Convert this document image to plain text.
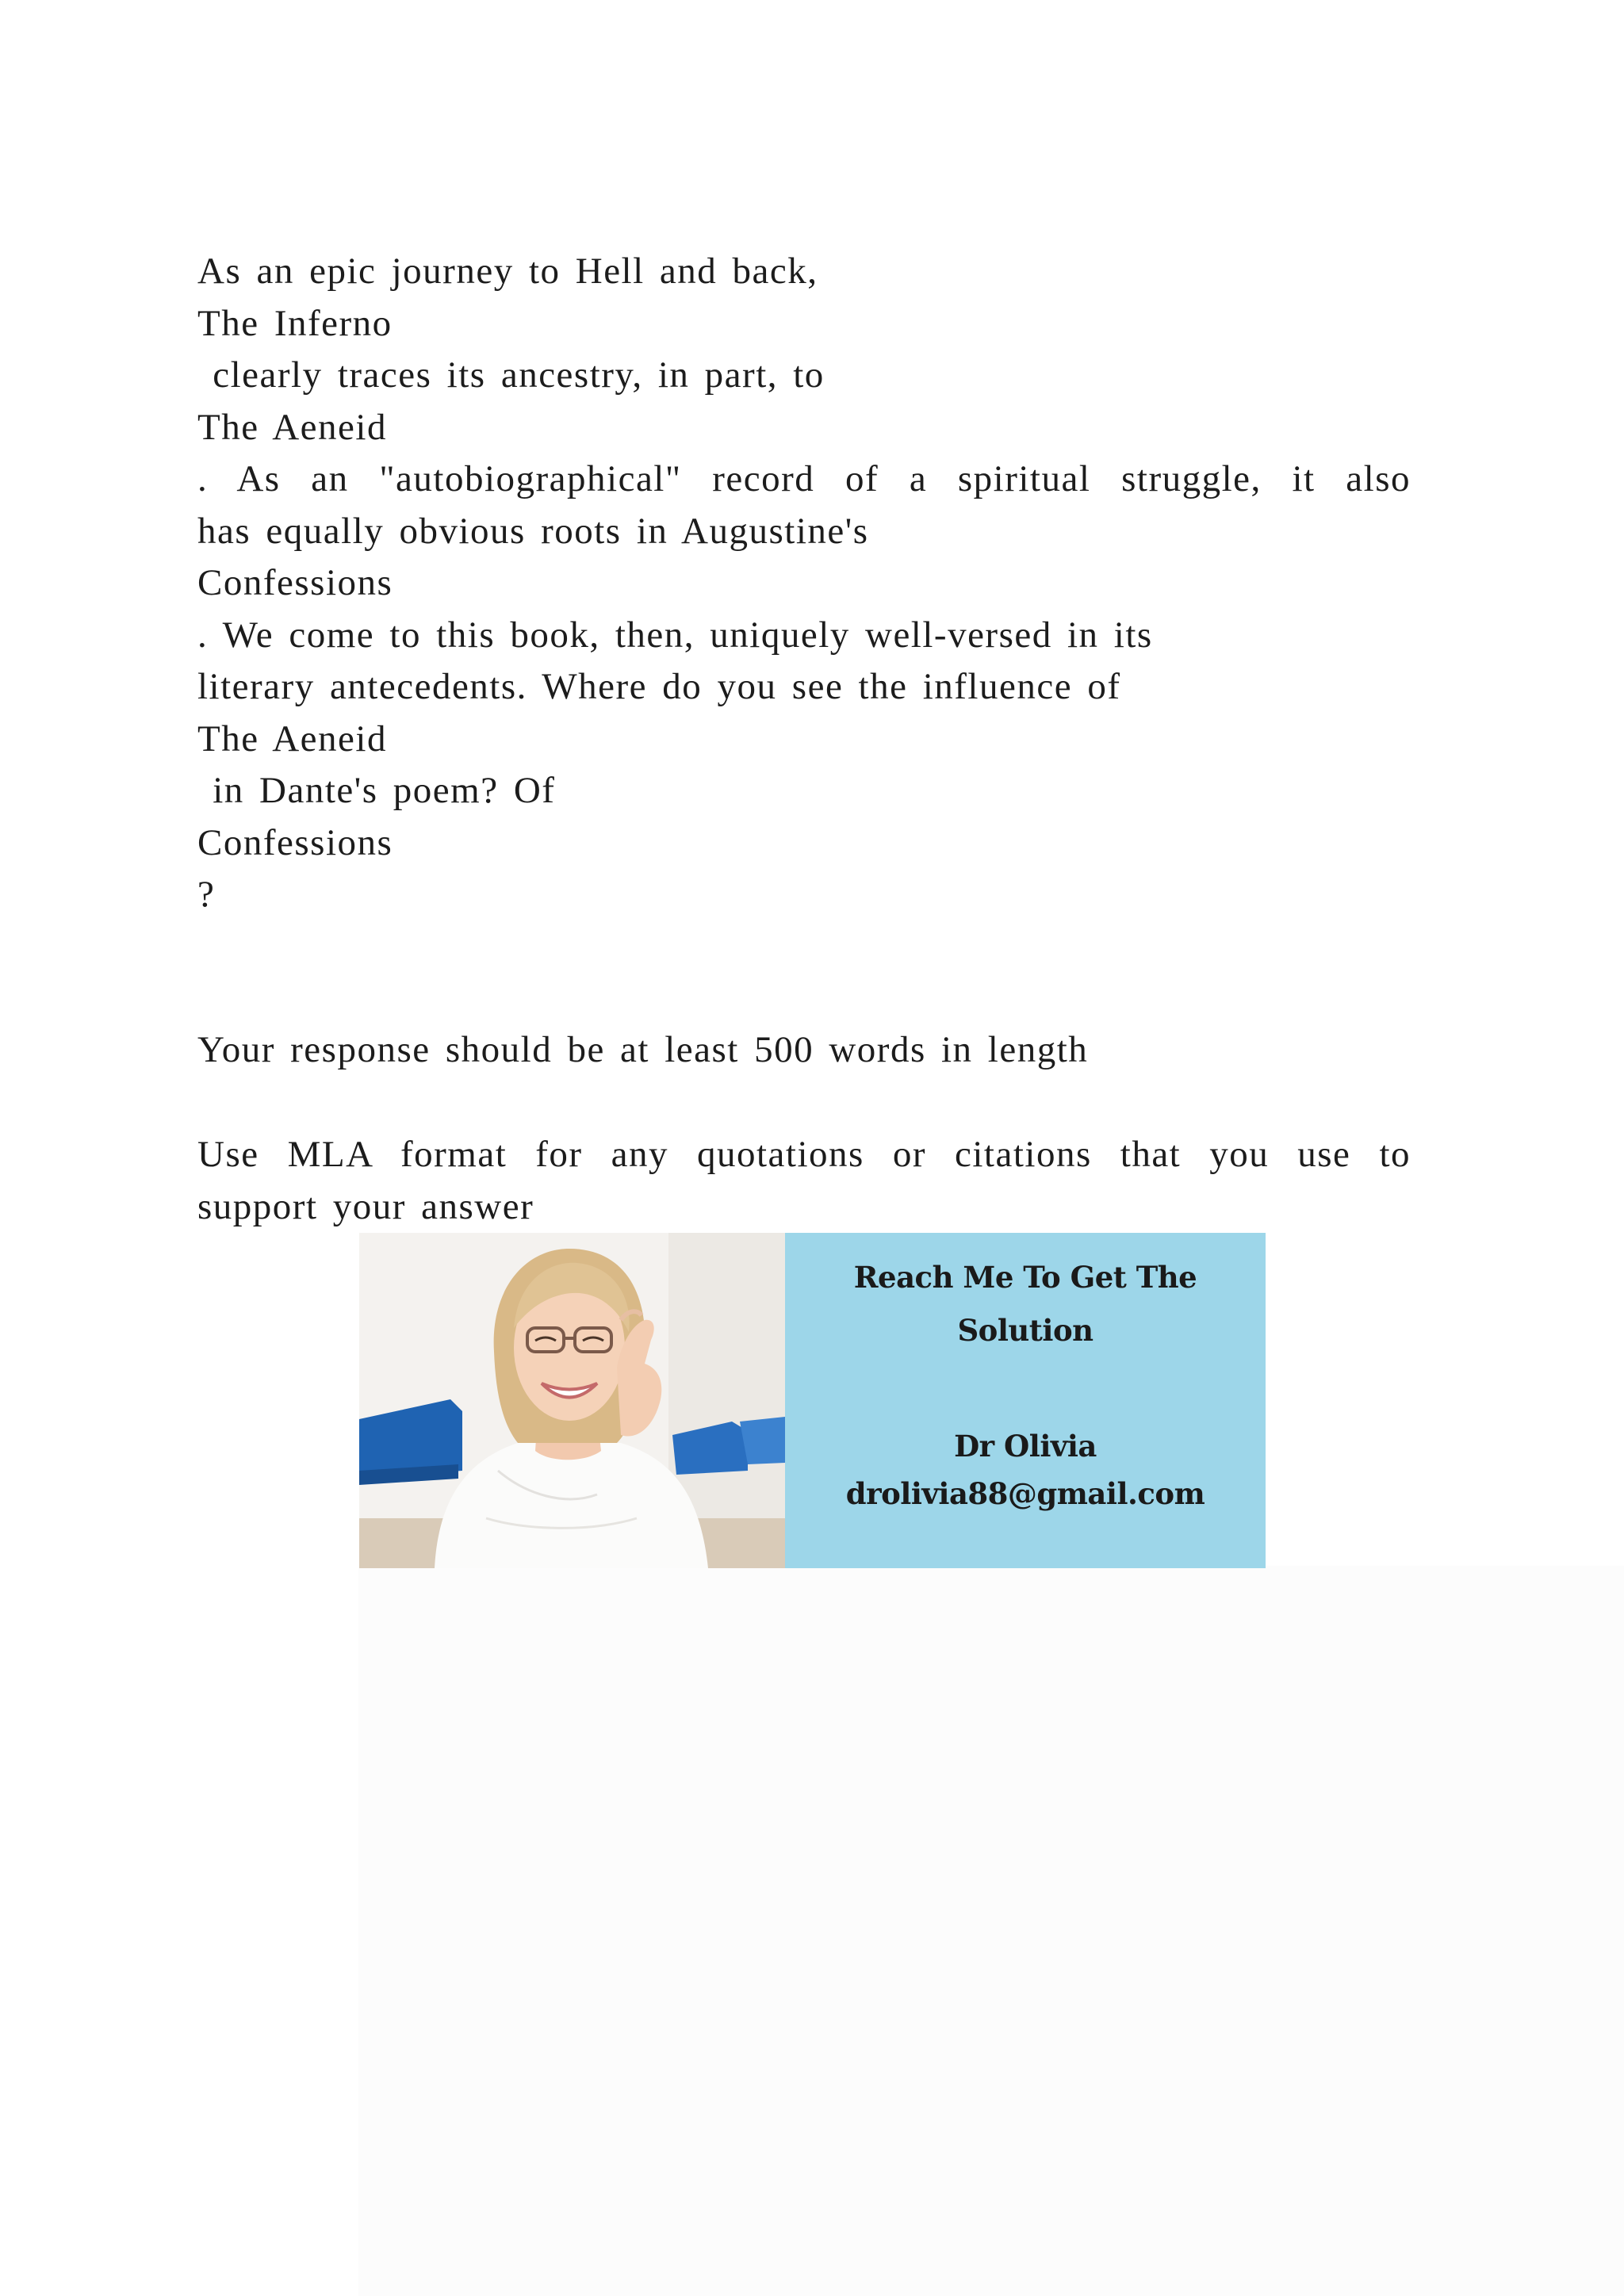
As an epic journey to Hell and back,
The Inferno
clearly traces its ancestry, in part, to
The Aeneid
. As an "autobiographical" record of a spiritual struggle, it also
has equally obvious roots in Augustine's
Confessions
. We come to this book, then, uniquely well-versed in its
literary antecedents. Where do you see the influence of
The Aeneid
in Dante's poem? Of
Confessions
?
Your response should be at least 500 words in length
Use MLA format for any quotations or citations that you use to
support your answer
Reach Me To Get The
Solution
Dr Olivia
drolivia88@gmail.com
